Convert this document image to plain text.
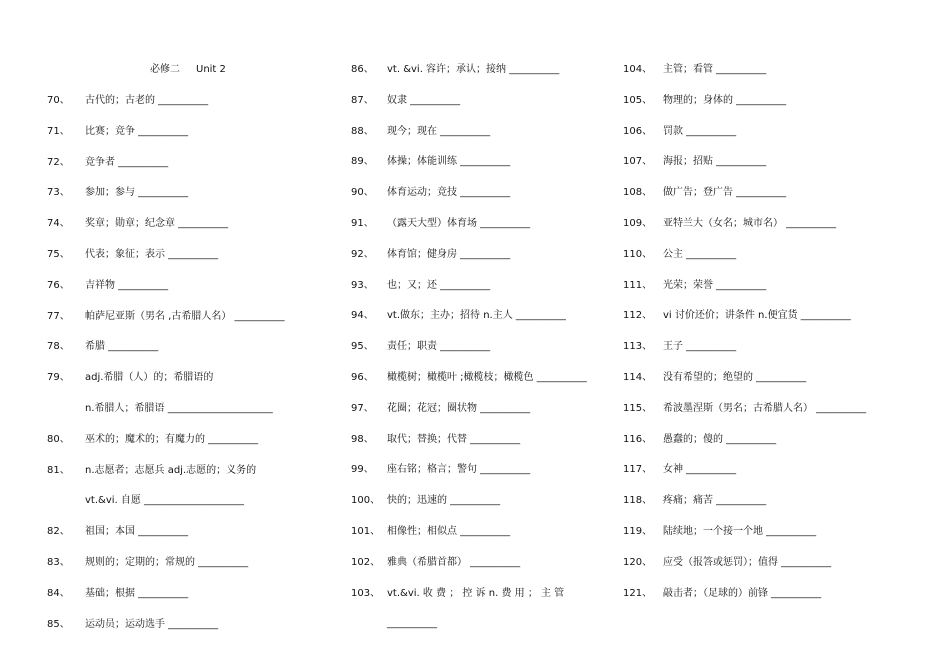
必修二 Unit 2
70、 古代的；古老的 __________
71、 比赛；竞争 __________
72、 竞争者 __________
73、参加；参与 __________
74、 奖章；勋章；纪念章 __________
75、 代表；象征；表示 __________
76、 吉祥物 __________
77、 帕萨尼亚斯（男名 ,古希腊人名） __________
78、 希腊 __________
79、 adj.希腊（人）的；希腊语的
n.希腊人；希腊语 _____________________
80、 巫术的；魔术的；有魔力的 __________
81、 n.志愿者；志愿兵 adj.志愿的；义务的
vt.&vi. 自愿 ____________________
82、 祖国；本国 __________
83、 规则的；定期的；常规的 __________
84、 基础；根据 __________
85、 运动员；运动选手 __________
86、 vt. &vi. 容许；承认；接纳 __________
87、 奴隶 __________
88、 现今；现在 __________
89、 体操；体能训练 __________
90、 体育运动；竞技 __________
91、 （露天大型）体育场 __________
92、 体育馆；健身房 __________
93、 也；又；还 __________
94、 vt.做东；主办；招待 n.主人 __________
95、 责任；职责 __________
96、 橄榄树；橄榄叶 ;橄榄枝；橄榄色 __________
97、 花圈；花冠；圈状物 __________
98、 取代；替换；代替 __________
99、 座右铭；格言；警句 __________
100、快的；迅速的 __________
101、相像性；相似点 __________
102、雅典（希腊首都） __________
103、vt.&vi. 收 费 ； 控 诉 n. 费 用 ； 主 管
__________
104、 主管；看管 __________
105、 物理的；身体的 __________
106、 罚款 __________
107、 海报；招贴 __________
108、做广告；登广告 __________
109、亚特兰大（女名；城市名） __________
110、 公主 __________
111、 光荣；荣誉 __________
112、 vi 讨价还价；讲条件 n.便宜货 __________
113、 王子 __________
114、 没有希望的；绝望的 __________
115、 希波墨涅斯（男名；古希腊人名） __________
116、 愚蠢的；傻的 __________
117、 女神 __________
118、 疼痛；痛苦 __________
119、陆续地；一个接一个地 __________
120、 应受（报答或惩罚）；值得 __________
121、 敲击者；（足球的）前锋 __________
